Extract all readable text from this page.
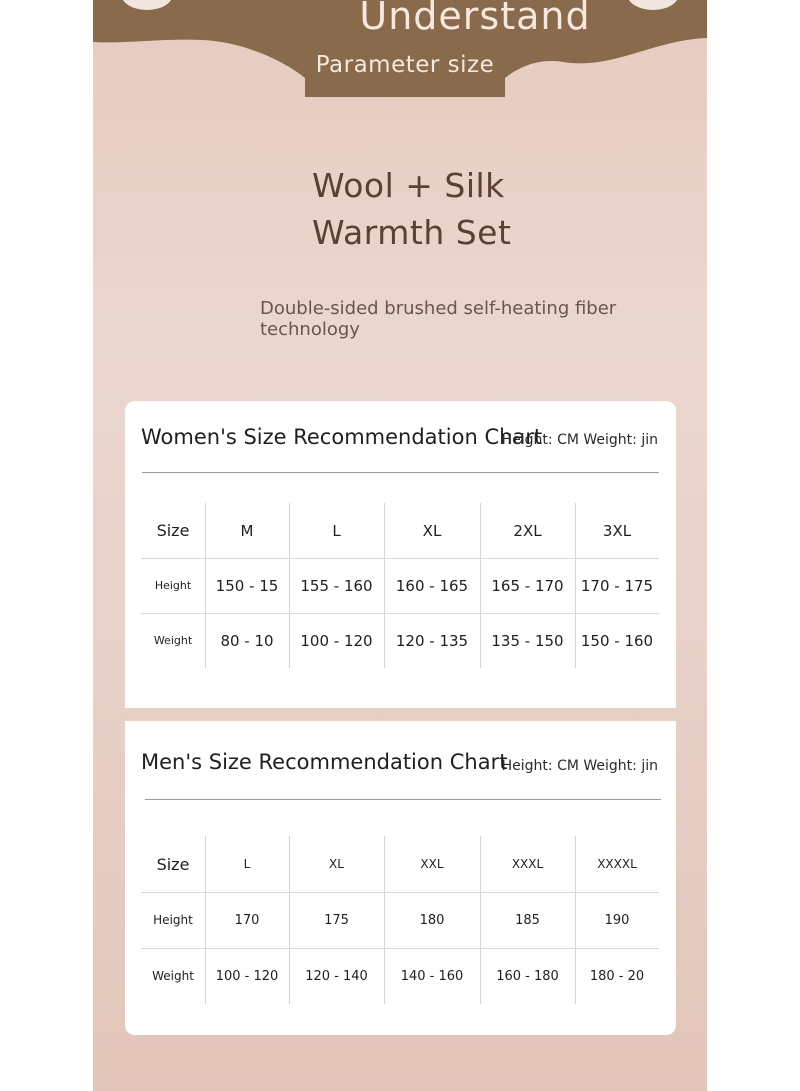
Understand
Parameter size
Wool + Silk
Warmth Set
Double-sided brushed self-heating fiber technology
Women's Size Recommendation Chart
Height: CM Weight: jin
Size	M	L	XL	2XL	3XL
Height	150 - 15	155 - 160	160 - 165	165 - 170	170 - 175
Weight	80 - 10	100 - 120	120 - 135	135 - 150	150 - 160
Men's Size Recommendation Chart
Height: CM Weight: jin
Size	L	XL	XXL	XXXL	XXXXL
Height	170	175	180	185	190
Weight	100 - 120	120 - 140	140 - 160	160 - 180	180 - 20
